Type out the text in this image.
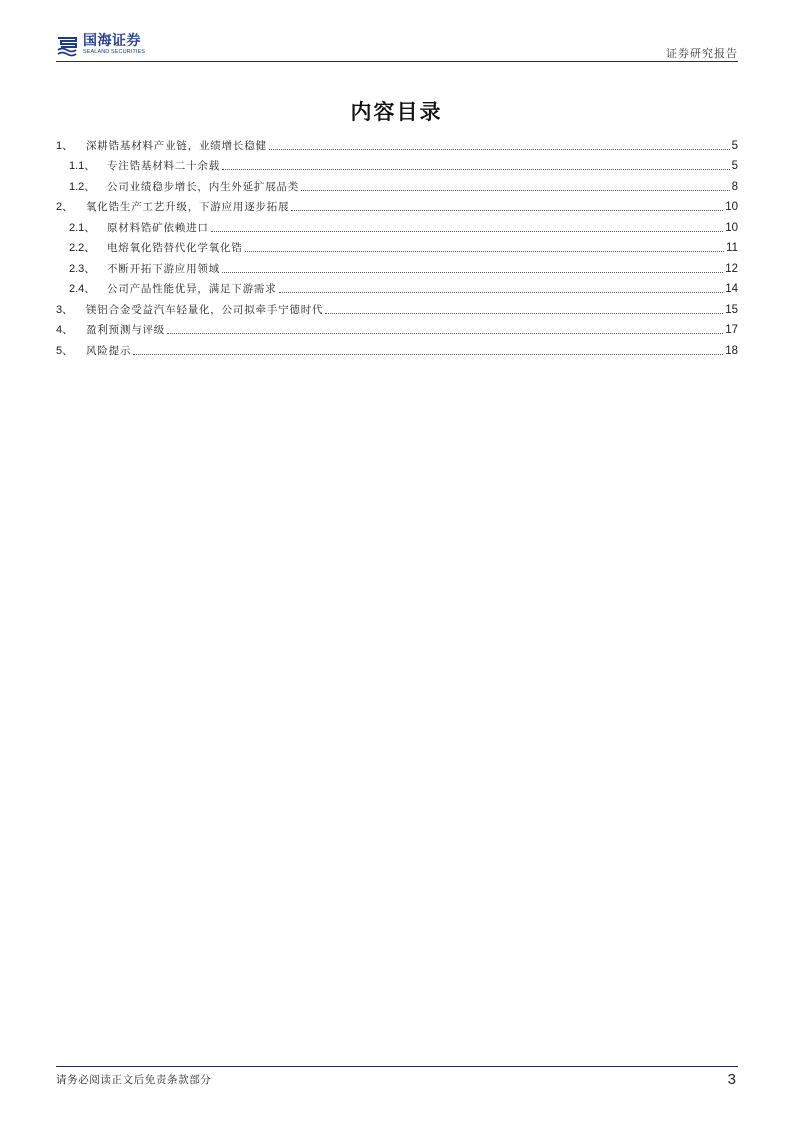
国海证券
SEALAND SECURITIES	证券研究报告
内容目录
1、	深耕锆基材料产业链，业绩增长稳健	5
1.1、	专注锆基材料二十余载	5
1.2、	公司业绩稳步增长，内生外延扩展品类	8
2、	氧化锆生产工艺升级，下游应用逐步拓展	10
2.1、	原材料锆矿依赖进口	10
2.2、	电熔氧化锆替代化学氧化锆	11
2.3、	不断开拓下游应用领域	12
2.4、	公司产品性能优异，满足下游需求	14
3、	镁铝合金受益汽车轻量化，公司拟牵手宁德时代	15
4、	盈利预测与评级	17
5、	风险提示	18
请务必阅读正文后免责条款部分	3
